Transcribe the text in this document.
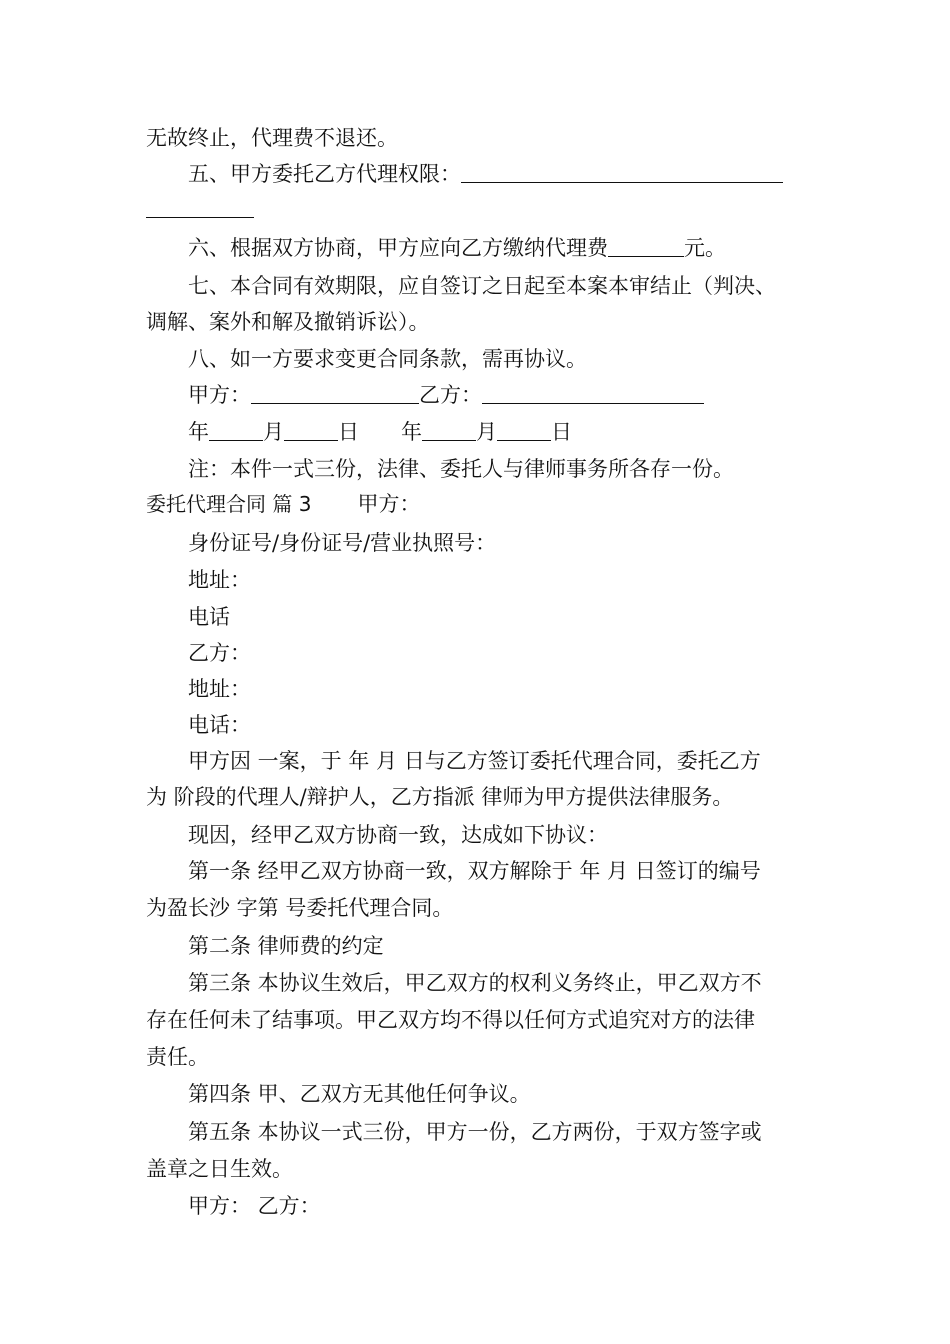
无故终止，代理费不退还。
五、甲方委托乙方代理权限：
六、根据双方协商，甲方应向乙方缴纳代理费	元。
七、本合同有效期限，应自签订之日起至本案本审结止（判决、
调解、案外和解及撤销诉讼）。
八、如一方要求变更合同条款，需再协议。
甲方：	乙方：
年	月	日 年	月	日
注：本件一式三份，法律、委托人与律师事务所各存一份。
委托代理合同 篇 3 甲方：
身份证号/身份证号/营业执照号：
地址：
电话
乙方：
地址：
电话：
甲方因 一案，于 年 月 日与乙方签订委托代理合同，委托乙方
为 阶段的代理人/辩护人，乙方指派 律师为甲方提供法律服务。
现因，经甲乙双方协商一致，达成如下协议：
第一条 经甲乙双方协商一致，双方解除于 年 月 日签订的编号
为盈长沙 字第 号委托代理合同。
第二条 律师费的约定
第三条 本协议生效后，甲乙双方的权利义务终止，甲乙双方不
存在任何未了结事项。甲乙双方均不得以任何方式追究对方的法律
责任。
第四条 甲、乙双方无其他任何争议。
第五条 本协议一式三份，甲方一份，乙方两份，于双方签字或
盖章之日生效。
甲方： 乙方：
